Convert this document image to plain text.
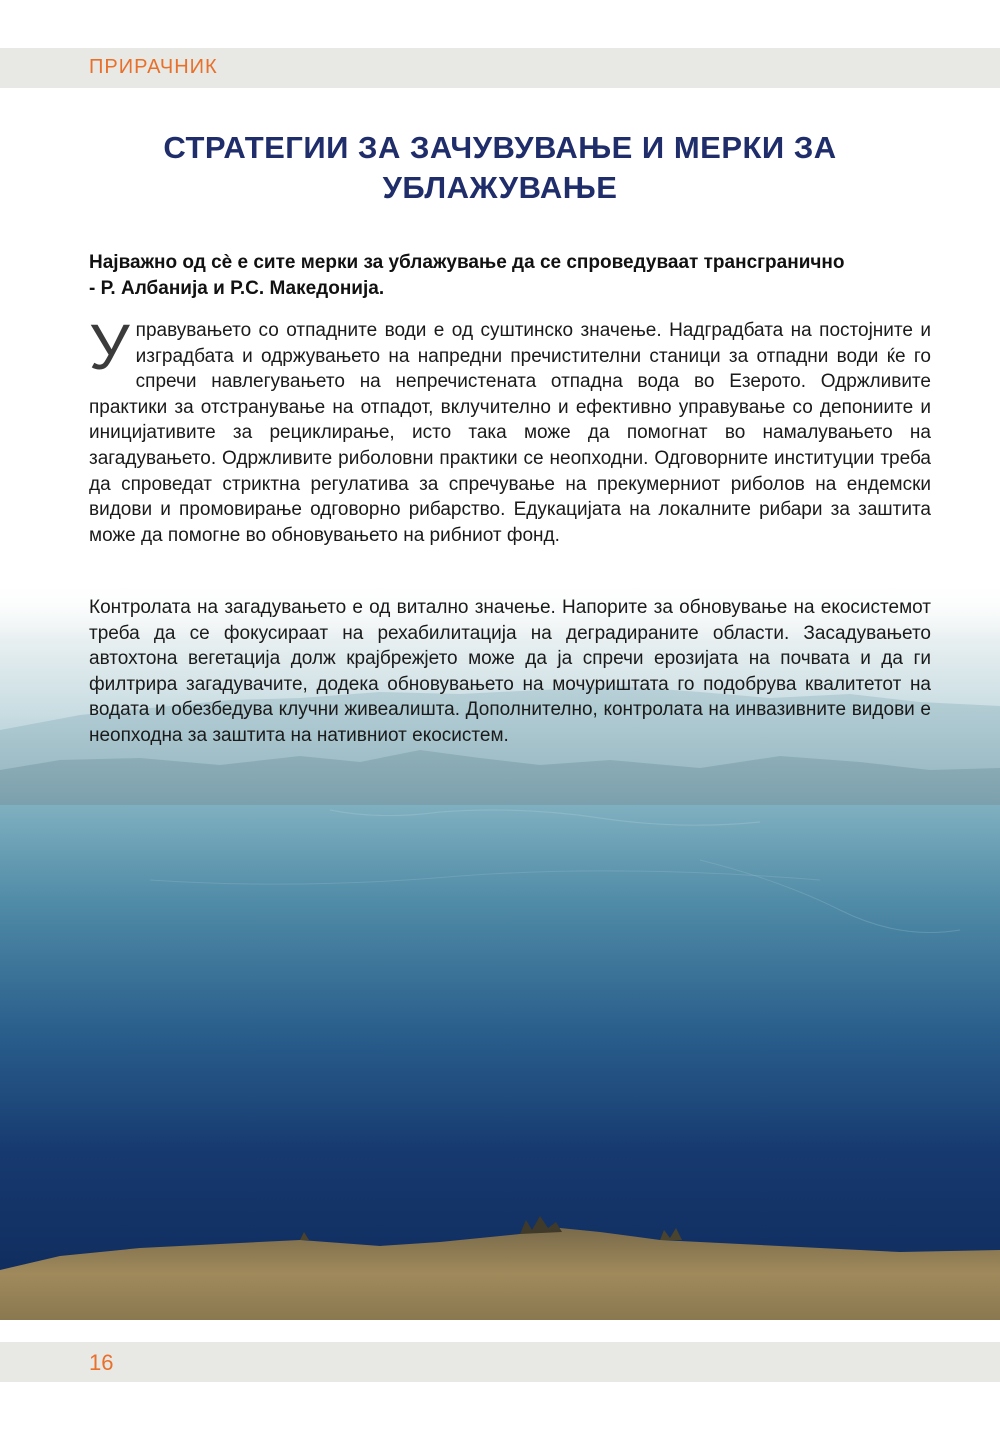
ПРИРАЧНИК
СТРАТЕГИИ ЗА ЗАЧУВУВАЊЕ И МЕРКИ ЗА УБЛАЖУВАЊЕ
Најважно од сè е сите мерки за ублажување да се спроведуваат трансгранично - Р. Албанија и Р.С. Македонија.
Управувањето со отпадните води е од суштинско значење. Надградбата на постојните и изградбата и одржувањето на напредни пречистителни станици за отпадни води ќе го спречи навлегувањето на непречистената отпадна вода во Езерото. Одржливите практики за отстранување на отпадот, вклучително и ефективно управување со депониите и иницијативите за рециклирање, исто така може да помогнат во намалувањето на загадувањето. Одржливите риболовни практики се неопходни. Одговорните институции треба да спроведат стриктна регулатива за спречување на прекумерниот риболов на ендемски видови и промовирање одговорно рибарство. Едукацијата на локалните рибари за заштита може да помогне во обновувањето на рибниот фонд.
Контролата на загадувањето е од витално значење. Напорите за обновување на екосистемот треба да се фокусираат на рехабилитација на деградираните области. Засадувањето автохтона вегетација долж крајбрежјето може да ја спречи ерозијата на почвата и да ги филтрира загадувачите, додека обновувањето на мочуриштата го подобрува квалитетот на водата и обезбедува клучни живеалишта. Дополнително, контролата на инвазивните видови е неопходна за заштита на нативниот екосистем.
16
